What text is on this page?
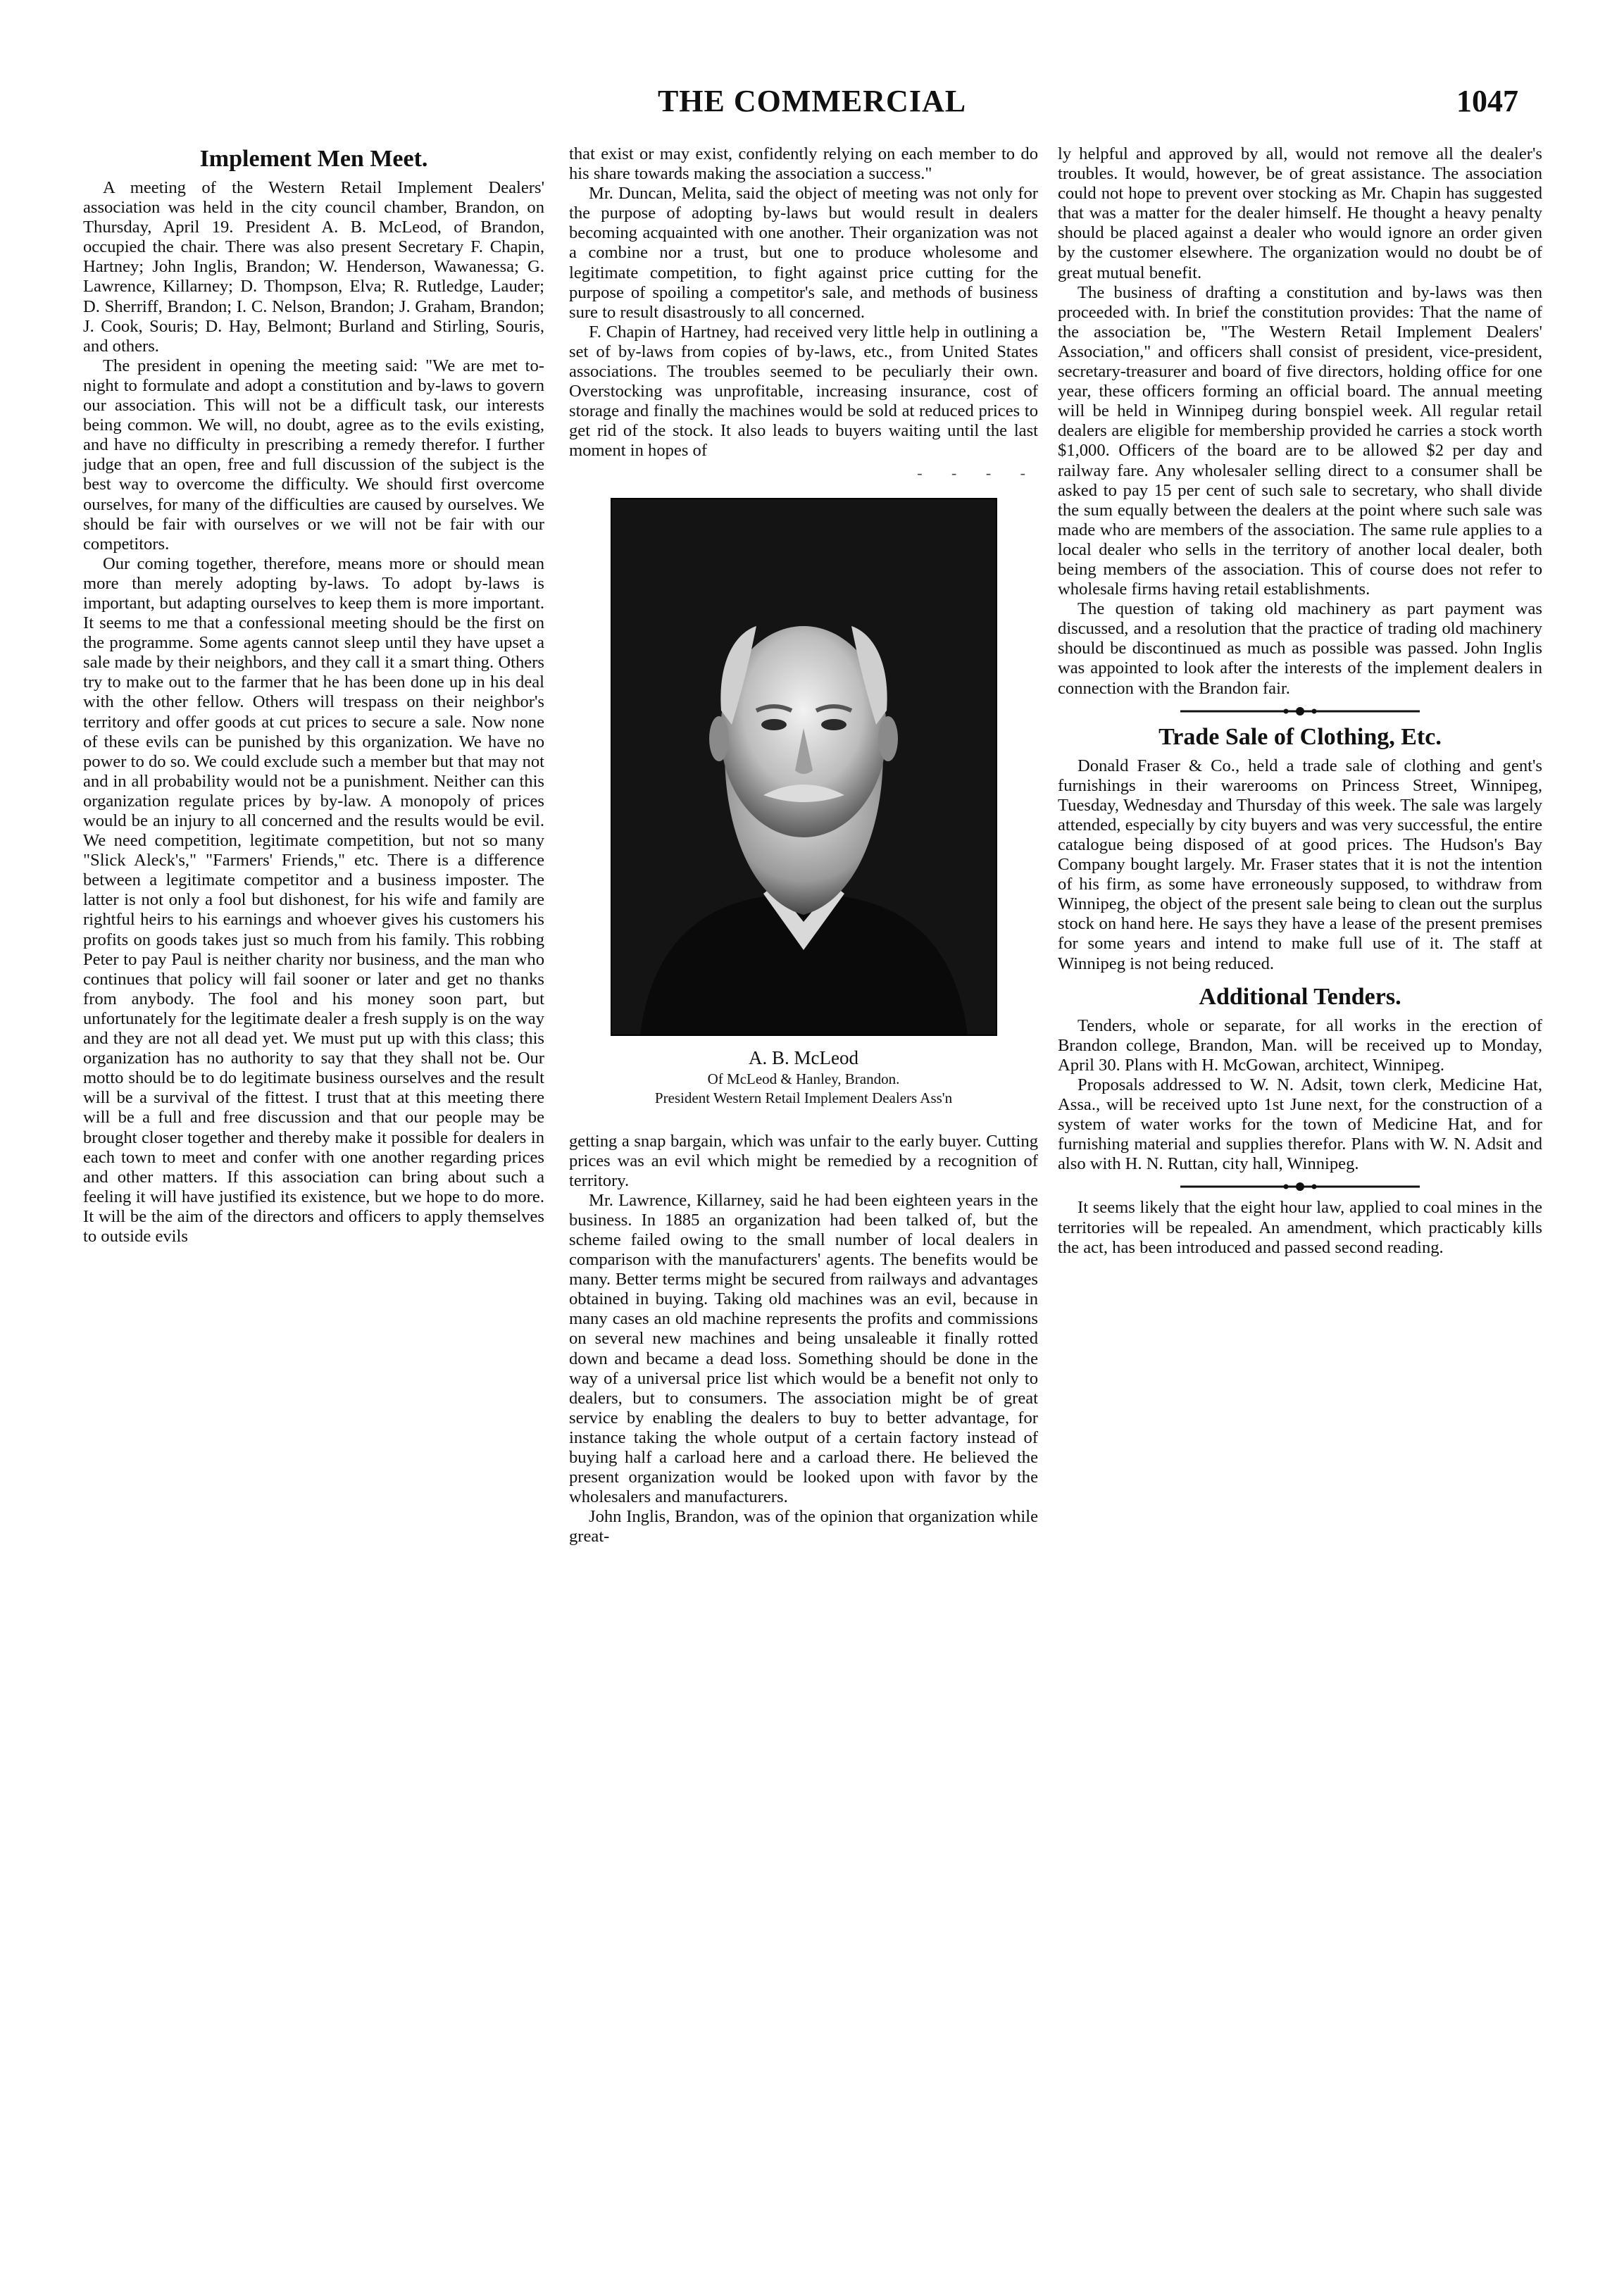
THE COMMERCIAL	1047
Implement Men Meet.

A meeting of the Western Retail Implement Dealers' association was held in the city council chamber, Brandon, on Thursday, April 19. President A. B. McLeod, of Brandon, occupied the chair. There was also present Secretary F. Chapin, Hartney; John Inglis, Brandon; W. Henderson, Wawanessa; G. Lawrence, Killarney; D. Thompson, Elva; R. Rutledge, Lauder; D. Sherriff, Brandon; I. C. Nelson, Brandon; J. Graham, Brandon; J. Cook, Souris; D. Hay, Belmont; Burland and Stirling, Souris, and others.

The president in opening the meeting said: "We are met to-night to formulate and adopt a constitution and by-laws to govern our association. This will not be a difficult task, our interests being common. We will, no doubt, agree as to the evils existing, and have no difficulty in prescribing a remedy therefor. I further judge that an open, free and full discussion of the subject is the best way to overcome the difficulty. We should first overcome ourselves, for many of the difficulties are caused by ourselves. We should be fair with ourselves or we will not be fair with our competitors.

Our coming together, therefore, means more or should mean more than merely adopting by-laws. To adopt by-laws is important, but adapting ourselves to keep them is more important. It seems to me that a confessional meeting should be the first on the programme. Some agents cannot sleep until they have upset a sale made by their neighbors, and they call it a smart thing. Others try to make out to the farmer that he has been done up in his deal with the other fellow. Others will trespass on their neighbor's territory and offer goods at cut prices to secure a sale. Now none of these evils can be punished by this organization. We have no power to do so. We could exclude such a member but that may not and in all probability would not be a punishment. Neither can this organization regulate prices by by-law. A monopoly of prices would be an injury to all concerned and the results would be evil. We need competition, legitimate competition, but not so many "Slick Aleck's," "Farmers' Friends," etc. There is a difference between a legitimate competitor and a business imposter. The latter is not only a fool but dishonest, for his wife and family are rightful heirs to his earnings and whoever gives his customers his profits on goods takes just so much from his family. This robbing Peter to pay Paul is neither charity nor business, and the man who continues that policy will fail sooner or later and get no thanks from anybody. The fool and his money soon part, but unfortunately for the legitimate dealer a fresh supply is on the way and they are not all dead yet. We must put up with this class; this organization has no authority to say that they shall not be. Our motto should be to do legitimate business ourselves and the result will be a survival of the fittest. I trust that at this meeting there will be a full and free discussion and that our people may be brought closer together and thereby make it possible for dealers in each town to meet and confer with one another regarding prices and other matters. If this association can bring about such a feeling it will have justified its existence, but we hope to do more. It will be the aim of the directors and officers to apply themselves to outside evils

that exist or may exist, confidently relying on each member to do his share towards making the association a success."

Mr. Duncan, Melita, said the object of meeting was not only for the purpose of adopting by-laws but would result in dealers becoming acquainted with one another. Their organization was not a combine nor a trust, but one to produce wholesome and legitimate competition, to fight against price cutting for the purpose of spoiling a competitor's sale, and methods of business sure to result disastrously to all concerned.

F. Chapin of Hartney, had received very little help in outlining a set of by-laws from copies of by-laws, etc., from United States associations. The troubles seemed to be peculiarly their own. Overstocking was unprofitable, increasing insurance, cost of storage and finally the machines would be sold at reduced prices to get rid of the stock. It also leads to buyers waiting until the last moment in hopes of

- - - -
A. B. McLeod
Of McLeod & Hanley, Brandon.
President Western Retail Implement Dealers Ass'n

getting a snap bargain, which was unfair to the early buyer. Cutting prices was an evil which might be remedied by a recognition of territory.

Mr. Lawrence, Killarney, said he had been eighteen years in the business. In 1885 an organization had been talked of, but the scheme failed owing to the small number of local dealers in comparison with the manufacturers' agents. The benefits would be many. Better terms might be secured from railways and advantages obtained in buying. Taking old machines was an evil, because in many cases an old machine represents the profits and commissions on several new machines and being unsaleable it finally rotted down and became a dead loss. Something should be done in the way of a universal price list which would be a benefit not only to dealers, but to consumers. The association might be of great service by enabling the dealers to buy to better advantage, for instance taking the whole output of a certain factory instead of buying half a carload here and a carload there. He believed the present organization would be looked upon with favor by the wholesalers and manufacturers.

John Inglis, Brandon, was of the opinion that organization while great-

ly helpful and approved by all, would not remove all the dealer's troubles. It would, however, be of great assistance. The association could not hope to prevent over stocking as Mr. Chapin has suggested that was a matter for the dealer himself. He thought a heavy penalty should be placed against a dealer who would ignore an order given by the customer elsewhere. The organization would no doubt be of great mutual benefit.

The business of drafting a constitution and by-laws was then proceeded with. In brief the constitution provides: That the name of the association be, "The Western Retail Implement Dealers' Association," and officers shall consist of president, vice-president, secretary-treasurer and board of five directors, holding office for one year, these officers forming an official board. The annual meeting will be held in Winnipeg during bonspiel week. All regular retail dealers are eligible for membership provided he carries a stock worth $1,000. Officers of the board are to be allowed $2 per day and railway fare. Any wholesaler selling direct to a consumer shall be asked to pay 15 per cent of such sale to secretary, who shall divide the sum equally between the dealers at the point where such sale was made who are members of the association. The same rule applies to a local dealer who sells in the territory of another local dealer, both being members of the association. This of course does not refer to wholesale firms having retail establishments.

The question of taking old machinery as part payment was discussed, and a resolution that the practice of trading old machinery should be discontinued as much as possible was passed. John Inglis was appointed to look after the interests of the implement dealers in connection with the Brandon fair.

Trade Sale of Clothing, Etc.

Donald Fraser & Co., held a trade sale of clothing and gent's furnishings in their warerooms on Princess Street, Winnipeg, Tuesday, Wednesday and Thursday of this week. The sale was largely attended, especially by city buyers and was very successful, the entire catalogue being disposed of at good prices. The Hudson's Bay Company bought largely. Mr. Fraser states that it is not the intention of his firm, as some have erroneously supposed, to withdraw from Winnipeg, the object of the present sale being to clean out the surplus stock on hand here. He says they have a lease of the present premises for some years and intend to make full use of it. The staff at Winnipeg is not being reduced.

Additional Tenders.

Tenders, whole or separate, for all works in the erection of Brandon college, Brandon, Man. will be received up to Monday, April 30. Plans with H. McGowan, architect, Winnipeg.

Proposals addressed to W. N. Adsit, town clerk, Medicine Hat, Assa., will be received upto 1st June next, for the construction of a system of water works for the town of Medicine Hat, and for furnishing material and supplies therefor. Plans with W. N. Adsit and also with H. N. Ruttan, city hall, Winnipeg.

It seems likely that the eight hour law, applied to coal mines in the territories will be repealed. An amendment, which practicably kills the act, has been introduced and passed second reading.
